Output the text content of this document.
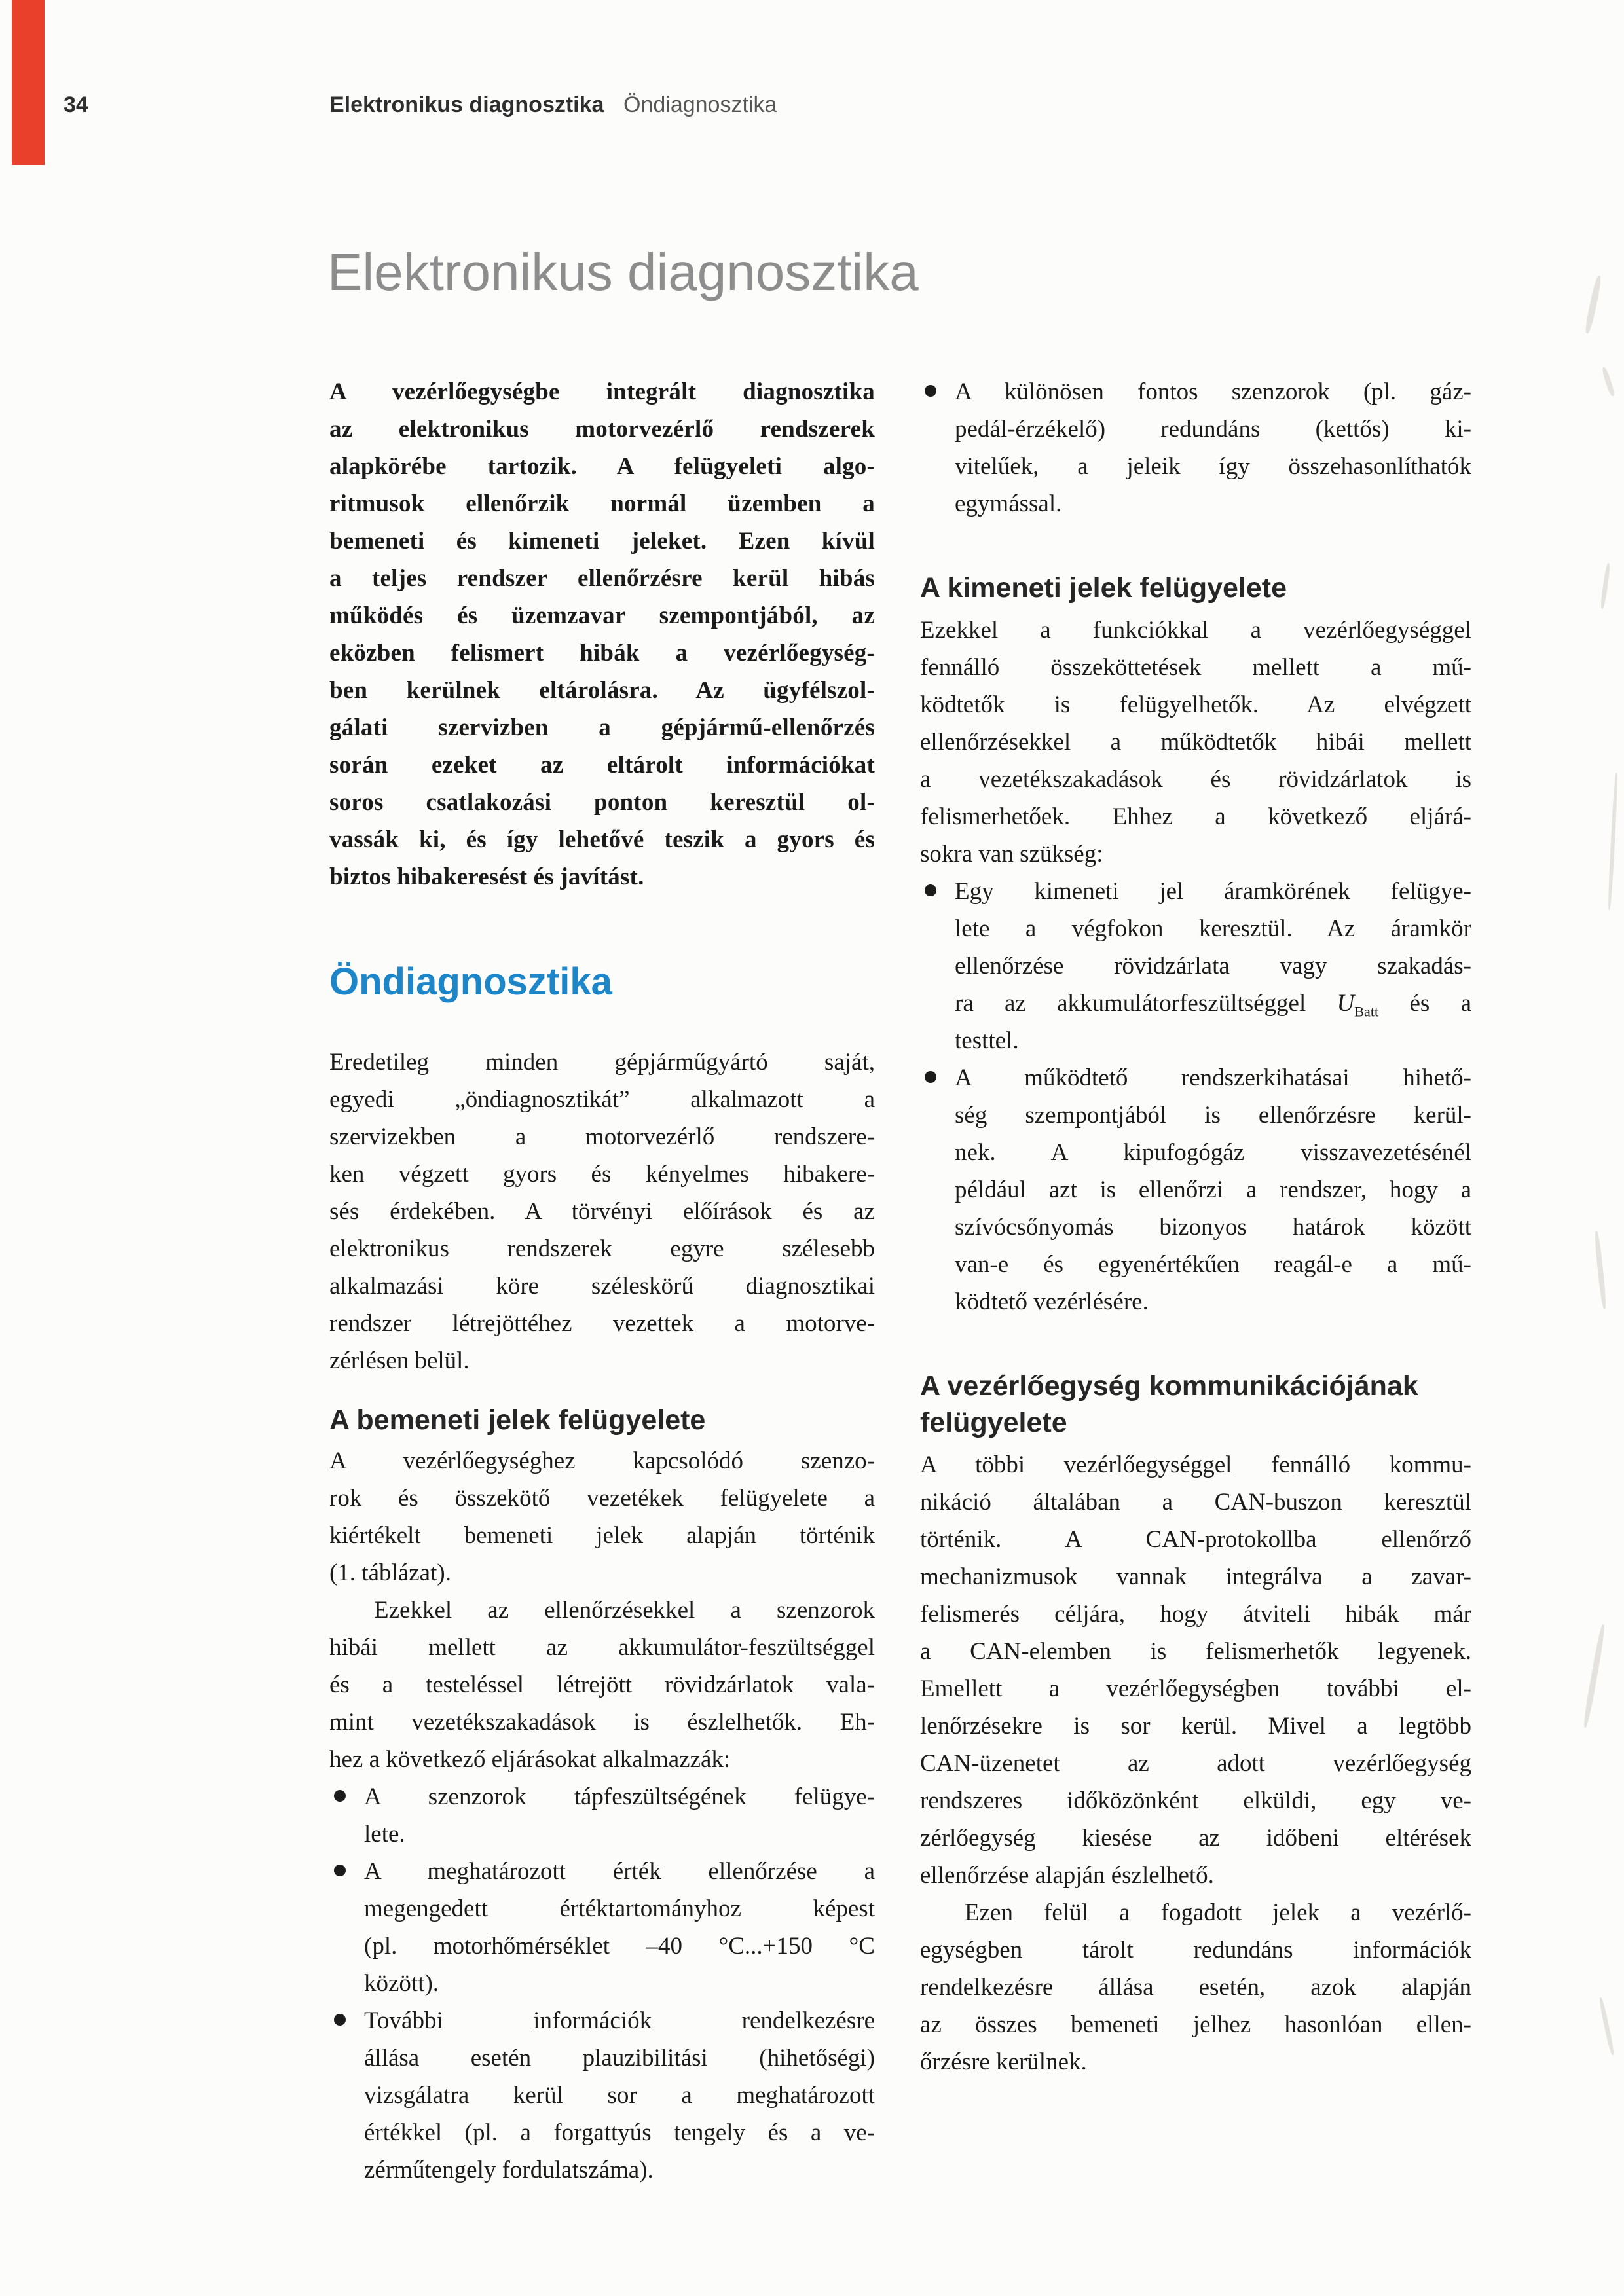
34	Elektronikus diagnosztika Öndiagnosztika
Elektronikus diagnosztika
A vezérlőegységbe integrált diagnosztika
az elektronikus motorvezérlő rendszerek
alapkörébe tartozik. A felügyeleti algo-
ritmusok ellenőrzik normál üzemben a
bemeneti és kimeneti jeleket. Ezen kívül
a teljes rendszer ellenőrzésre kerül hibás
működés és üzemzavar szempontjából, az
eközben felismert hibák a vezérlőegység-
ben kerülnek eltárolásra. Az ügyfélszol-
gálati szervizben a gépjármű-ellenőrzés
során ezeket az eltárolt információkat
soros csatlakozási ponton keresztül ol-
vassák ki, és így lehetővé teszik a gyors és
biztos hibakeresést és javítást.
Öndiagnosztika
Eredetileg minden gépjárműgyártó saját,
egyedi „öndiagnosztikát” alkalmazott a
szervizekben a motorvezérlő rendszere-
ken végzett gyors és kényelmes hibakere-
sés érdekében. A törvényi előírások és az
elektronikus rendszerek egyre szélesebb
alkalmazási köre széleskörű diagnosztikai
rendszer létrejöttéhez vezettek a motorve-
zérlésen belül.
A bemeneti jelek felügyelete
A vezérlőegységhez kapcsolódó szenzo-
rok és összekötő vezetékek felügyelete a
kiértékelt bemeneti jelek alapján történik
(1. táblázat).
Ezekkel az ellenőrzésekkel a szenzorok
hibái mellett az akkumulátor-feszültséggel
és a testeléssel létrejött rövidzárlatok vala-
mint vezetékszakadások is észlelhetők. Eh-
hez a következő eljárásokat alkalmazzák:
A szenzorok tápfeszültségének felügye-
lete.
A meghatározott érték ellenőrzése a
megengedett értéktartományhoz képest
(pl. motorhőmérséklet –40 °C...+150 °C
között).
További információk rendelkezésre
állása esetén plauzibilitási (hihetőségi)
vizsgálatra kerül sor a meghatározott
értékkel (pl. a forgattyús tengely és a ve-
zérműtengely fordulatszáma).
A különösen fontos szenzorok (pl. gáz-
pedál-érzékelő) redundáns (kettős) ki-
vitelűek, a jeleik így összehasonlíthatók
egymással.
A kimeneti jelek felügyelete
Ezekkel a funkciókkal a vezérlőegységgel
fennálló összeköttetések mellett a mű-
ködtetők is felügyelhetők. Az elvégzett
ellenőrzésekkel a működtetők hibái mellett
a vezetékszakadások és rövidzárlatok is
felismerhetőek. Ehhez a következő eljárá-
sokra van szükség:
Egy kimeneti jel áramkörének felügye-
lete a végfokon keresztül. Az áramkör
ellenőrzése rövidzárlata vagy szakadás-
ra az akkumulátorfeszültséggel $U_{Batt}$ és a
testtel.
A működtető rendszerkihatásai hihető-
ség szempontjából is ellenőrzésre kerül-
nek. A kipufogógáz visszavezetésénél
például azt is ellenőrzi a rendszer, hogy a
szívócsőnyomás bizonyos határok között
van-e és egyenértékűen reagál-e a mű-
ködtető vezérlésére.
A vezérlőegység kommunikációjának
felügyelete
A többi vezérlőegységgel fennálló kommu-
nikáció általában a CAN-buszon keresztül
történik. A CAN-protokollba ellenőrző
mechanizmusok vannak integrálva a zavar-
felismerés céljára, hogy átviteli hibák már
a CAN-elemben is felismerhetők legyenek.
Emellett a vezérlőegységben további el-
lenőrzésekre is sor kerül. Mivel a legtöbb
CAN-üzenetet az adott vezérlőegység
rendszeres időközönként elküldi, egy ve-
zérlőegység kiesése az időbeni eltérések
ellenőrzése alapján észlelhető.
Ezen felül a fogadott jelek a vezérlő-
egységben tárolt redundáns információk
rendelkezésre állása esetén, azok alapján
az összes bemeneti jelhez hasonlóan ellen-
őrzésre kerülnek.
